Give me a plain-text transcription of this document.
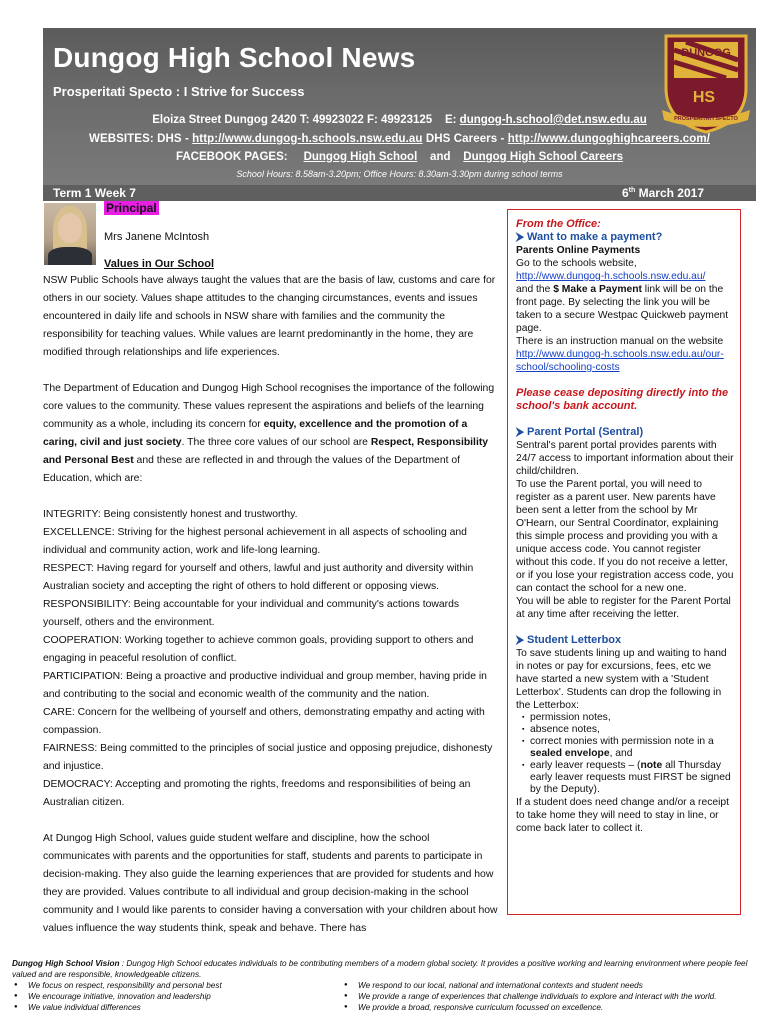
Dungog High School News
Prosperitati Specto : I Strive for Success
Eloiza Street Dungog 2420 T: 49923022 F: 49923125 E: dungog-h.school@det.nsw.edu.au
WEBSITES: DHS - http://www.dungog-h.schools.nsw.edu.au DHS Careers - http://www.dungoghighcareers.com/
FACEBOOK PAGES: Dungog High School and Dungog High School Careers
School Hours: 8.58am-3.20pm; Office Hours: 8.30am-3.30pm during school terms
DUNGOG
HS
PROSPERITATI SPECTO
Term 1 Week 7	6th March 2017
Principal
Mrs Janene McIntosh
Values in Our School

NSW Public Schools have always taught the values that are the basis of law, customs and care for others in our society. Values shape attitudes to the changing circumstances, events and issues encountered in daily life and schools in NSW share with families and the community the responsibility for teaching values. While values are learnt predominantly in the home, they are modified through relationships and life experiences.

The Department of Education and Dungog High School recognises the importance of the following core values to the community. These values represent the aspirations and beliefs of the learning community as a whole, including its concern for equity, excellence and the promotion of a caring, civil and just society. The three core values of our school are Respect, Responsibility and Personal Best and these are reflected in and through the values of the Department of Education, which are:

INTEGRITY: Being consistently honest and trustworthy.

EXCELLENCE: Striving for the highest personal achievement in all aspects of schooling and individual and community action, work and life-long learning.

RESPECT: Having regard for yourself and others, lawful and just authority and diversity within Australian society and accepting the right of others to hold different or opposing views.

RESPONSIBILITY: Being accountable for your individual and community's actions towards yourself, others and the environment.

COOPERATION: Working together to achieve common goals, providing support to others and engaging in peaceful resolution of conflict.

PARTICIPATION: Being a proactive and productive individual and group member, having pride in and contributing to the social and economic wealth of the community and the nation.

CARE: Concern for the wellbeing of yourself and others, demonstrating empathy and acting with compassion.

FAIRNESS: Being committed to the principles of social justice and opposing prejudice, dishonesty and injustice.

DEMOCRACY: Accepting and promoting the rights, freedoms and responsibilities of being an Australian citizen.

At Dungog High School, values guide student welfare and discipline, how the school communicates with parents and the opportunities for staff, students and parents to participate in decision-making. They also guide the learning experiences that are provided for students and how they are provided. Values contribute to all individual and group decision-making in the school community and I would like parents to consider having a conversation with your children about how values influence the way students think, speak and behave. There has

From the Office:
⮞ Want to make a payment?
Parents Online Payments
Go to the schools website,
http://www.dungog-h.schools.nsw.edu.au/
and the $ Make a Payment link will be on the front page. By selecting the link you will be taken to a secure Westpac Quickweb payment page.
There is an instruction manual on the website http://www.dungog-h.schools.nsw.edu.au/our-school/schooling-costs
Please cease depositing directly into the school's bank account.
⮞ Parent Portal (Sentral)
Sentral's parent portal provides parents with 24/7 access to important information about their child/children.
To use the Parent portal, you will need to register as a parent user. New parents have been sent a letter from the school by Mr O'Hearn, our Sentral Coordinator, explaining this simple process and providing you with a unique access code. You cannot register without this code. If you do not receive a letter, or if you lose your registration access code, you can contact the school for a new one.
You will be able to register for the Parent Portal at any time after receiving the letter.
⮞ Student Letterbox
To save students lining up and waiting to hand in notes or pay for excursions, fees, etc we have started a new system with a 'Student Letterbox'. Students can drop the following in the Letterbox:
▪ permission notes,
▪ absence notes,
▪ correct monies with permission note in a sealed envelope, and
▪ early leaver requests – (note all Thursday early leaver requests must FIRST be signed by the Deputy).
If a student does need change and/or a receipt to take home they will need to stay in line, or come back later to collect it.
Dungog High School Vision : Dungog High School educates individuals to be contributing members of a modern global society. It provides a positive working and learning environment where people feel valued and are responsible, knowledgeable citizens.
● We focus on respect, responsibility and personal best
● We encourage initiative, innovation and leadership
● We value individual differences
● We respond to our local, national and international contexts and student needs
● We provide a range of experiences that challenge individuals to explore and interact with the world.
● We provide a broad, responsive curriculum focussed on excellence.
